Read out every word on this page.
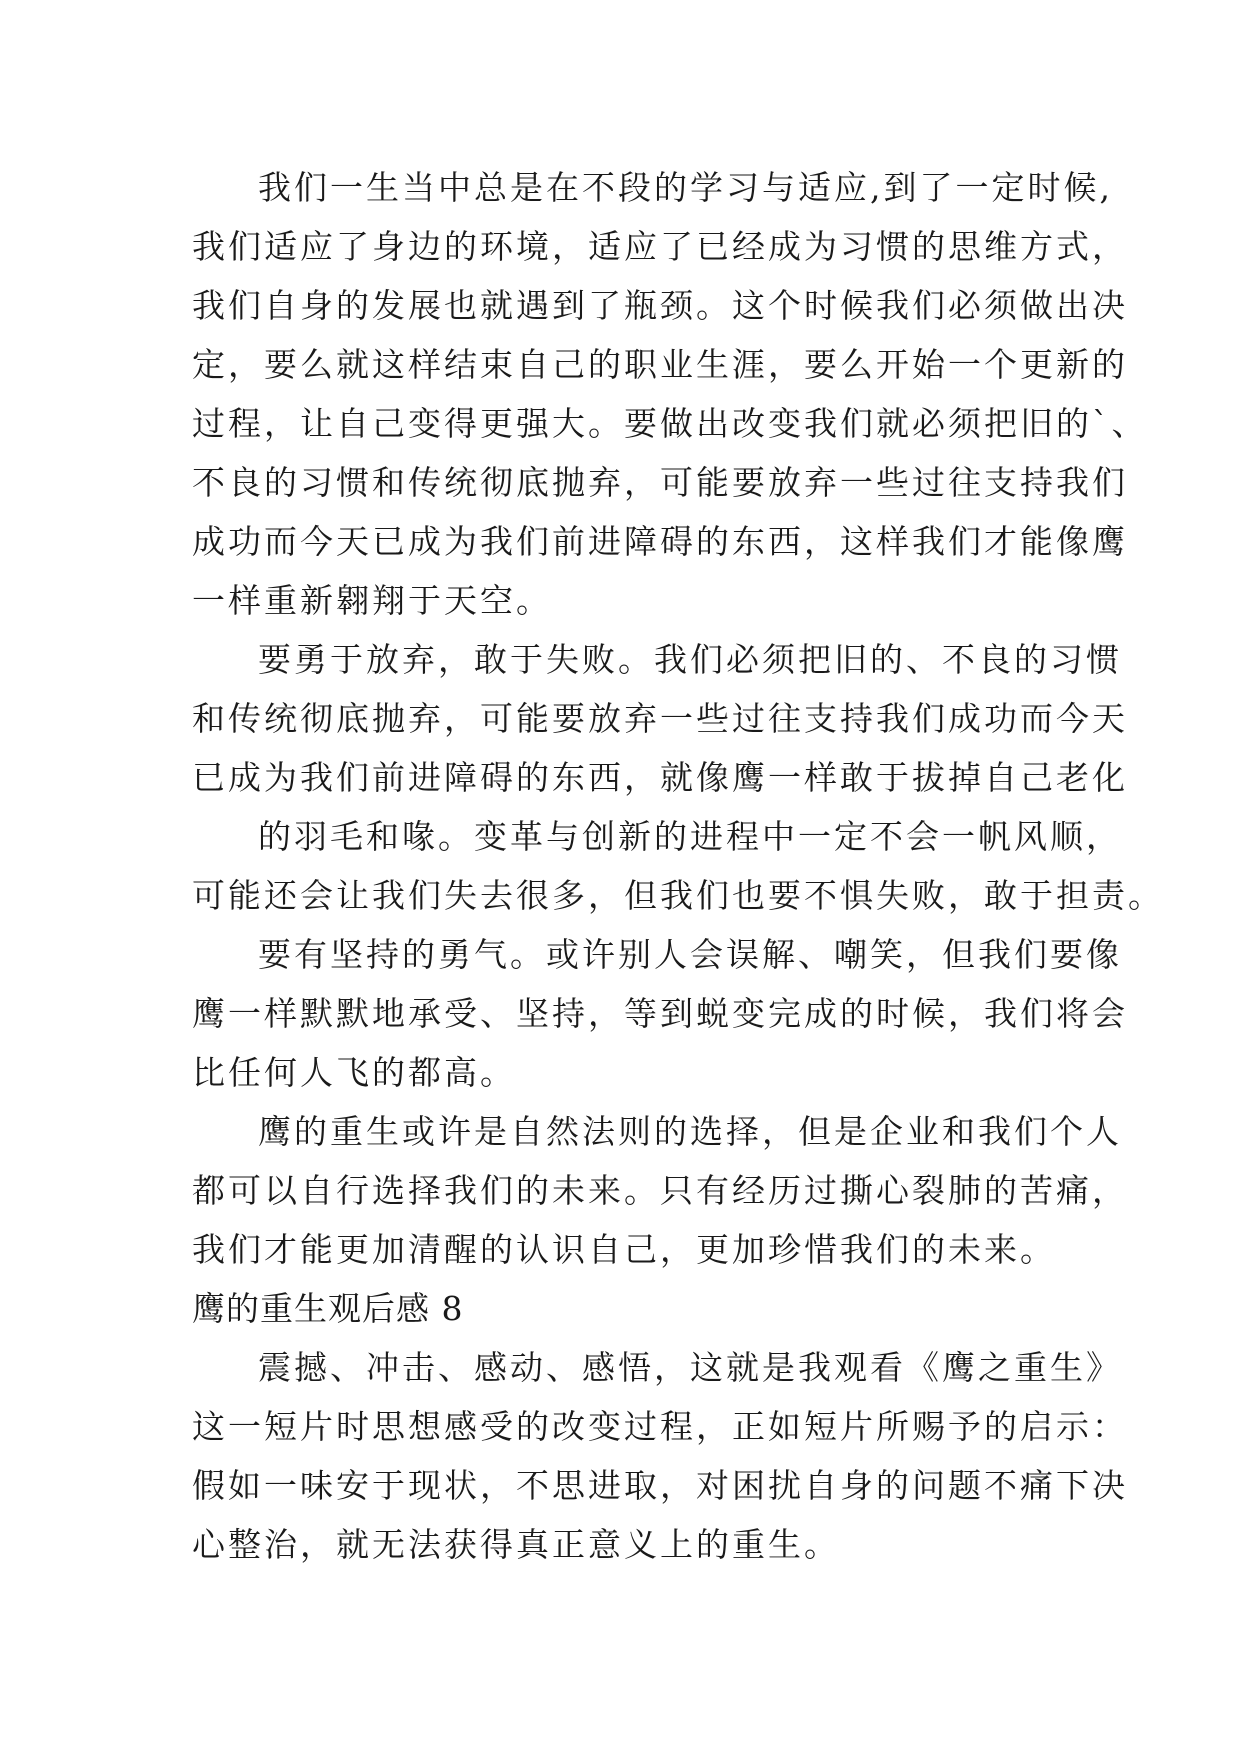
我们一生当中总是在不段的学习与适应,到了一定时候,
我们适应了身边的环境，适应了已经成为习惯的思维方式，
我们自身的发展也就遇到了瓶颈。这个时候我们必须做出决
定，要么就这样结束自己的职业生涯，要么开始一个更新的
过程，让自己变得更强大。要做出改变我们就必须把旧的`、
不良的习惯和传统彻底抛弃，可能要放弃一些过往支持我们
成功而今天已成为我们前进障碍的东西，这样我们才能像鹰
一样重新翱翔于天空。
要勇于放弃，敢于失败。我们必须把旧的、不良的习惯
和传统彻底抛弃，可能要放弃一些过往支持我们成功而今天
已成为我们前进障碍的东西，就像鹰一样敢于拔掉自己老化
的羽毛和喙。变革与创新的进程中一定不会一帆风顺，
可能还会让我们失去很多，但我们也要不惧失败，敢于担责。
要有坚持的勇气。或许别人会误解、嘲笑，但我们要像
鹰一样默默地承受、坚持，等到蜕变完成的时候，我们将会
比任何人飞的都高。
鹰的重生或许是自然法则的选择，但是企业和我们个人
都可以自行选择我们的未来。只有经历过撕心裂肺的苦痛，
我们才能更加清醒的认识自己，更加珍惜我们的未来。
鹰的重生观后感 8
震撼、冲击、感动、感悟，这就是我观看《鹰之重生》
这一短片时思想感受的改变过程，正如短片所赐予的启示：
假如一味安于现状，不思进取，对困扰自身的问题不痛下决
心整治，就无法获得真正意义上的重生。
